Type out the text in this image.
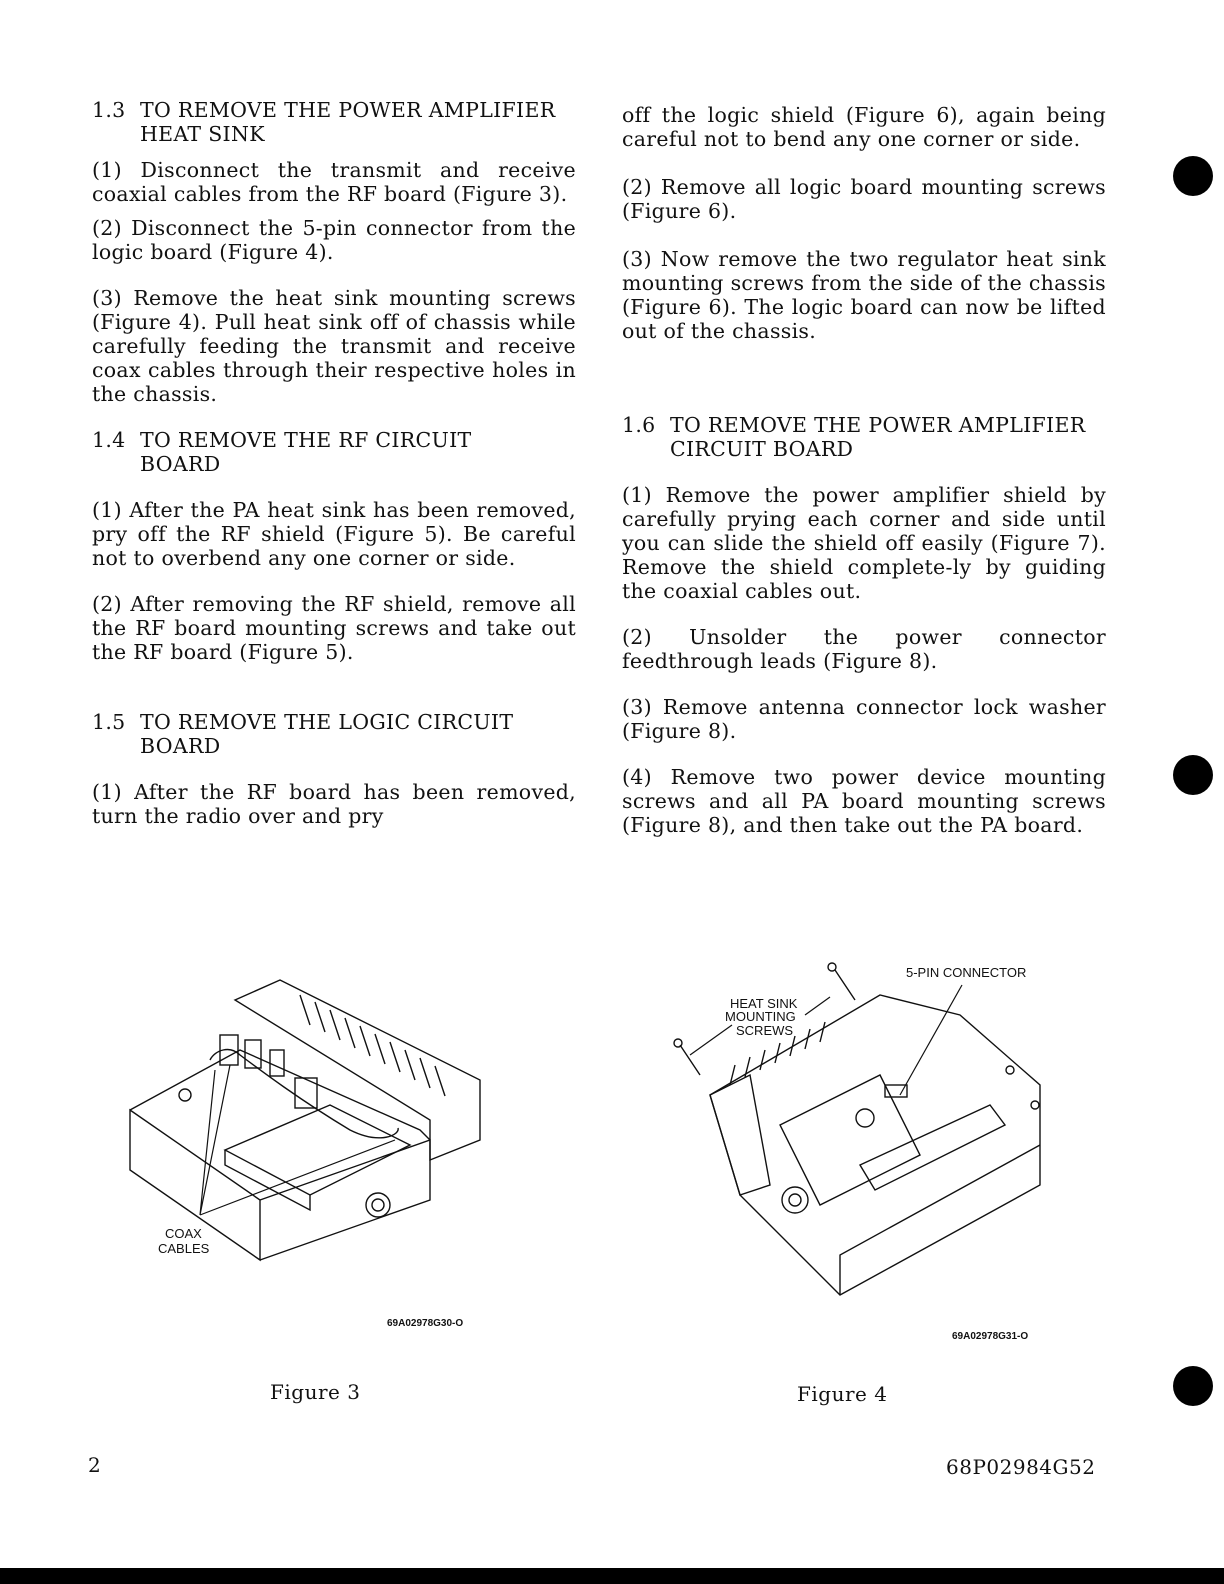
1.3 TO REMOVE THE POWER AMPLIFIER
HEAT SINK

(1) Disconnect the transmit and receive coaxial cables from the RF board (Figure 3).

(2) Disconnect the 5-pin connector from the logic board (Figure 4).

(3) Remove the heat sink mounting screws (Figure 4). Pull heat sink off of chassis while carefully feeding the transmit and receive coax cables through their respective holes in the chassis.

1.4 TO REMOVE THE RF CIRCUIT
BOARD

(1) After the PA heat sink has been removed, pry off the RF shield (Figure 5). Be careful not to overbend any one corner or side.

(2) After removing the RF shield, remove all the RF board mounting screws and take out the RF board (Figure 5).

1.5 TO REMOVE THE LOGIC CIRCUIT
BOARD

(1) After the RF board has been removed, turn the radio over and pry

off the logic shield (Figure 6), again being careful not to bend any one corner or side.

(2) Remove all logic board mounting screws (Figure 6).

(3) Now remove the two regulator heat sink mounting screws from the side of the chassis (Figure 6). The logic board can now be lifted out of the chassis.

1.6 TO REMOVE THE POWER AMPLIFIER
CIRCUIT BOARD

(1) Remove the power amplifier shield by carefully prying each corner and side until you can slide the shield off easily (Figure 7). Remove the shield complete-ly by guiding the coaxial cables out.

(2) Unsolder the power connector feedthrough leads (Figure 8).

(3) Remove antenna connector lock washer (Figure 8).

(4) Remove two power device mounting screws and all PA board mounting screws (Figure 8), and then take out the PA board.

COAX
CABLES
69A02978G30-O
Figure 3
5-PIN CONNECTOR
HEAT SINK
MOUNTING
SCREWS
69A02978G31-O
Figure 4
2	68P02984G52
